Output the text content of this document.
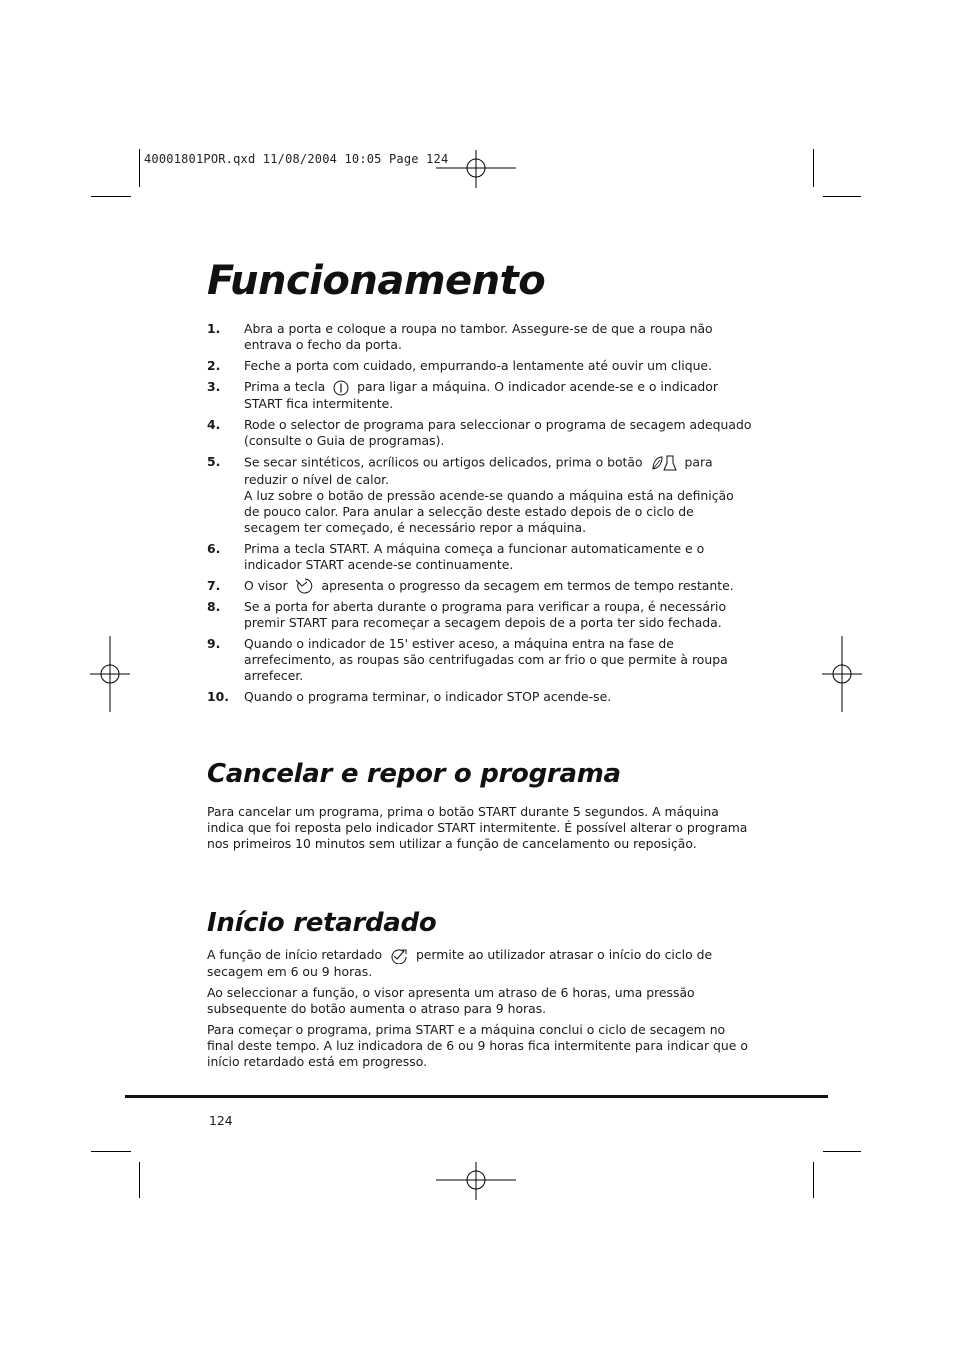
40001801POR.qxd 11/08/2004 10:05 Page 124
Funcionamento
1. Abra a porta e coloque a roupa no tambor. Assegure-se de que a roupa não entrava o fecho da porta.
2. Feche a porta com cuidado, empurrando-a lentamente até ouvir um clique.
3. Prima a tecla	para ligar a máquina. O indicador acende-se e o indicador START fica intermitente.
4. Rode o selector de programa para seleccionar o programa de secagem adequado (consulte o Guia de programas).
5. Se secar sintéticos, acrílicos ou artigos delicados, prima o botão	para reduzir o nível de calor.
A luz sobre o botão de pressão acende-se quando a máquina está na definição de pouco calor. Para anular a selecção deste estado depois de o ciclo de secagem ter começado, é necessário repor a máquina.
6. Prima a tecla START. A máquina começa a funcionar automaticamente e o indicador START acende-se continuamente.
7. O visor	apresenta o progresso da secagem em termos de tempo restante.
8. Se a porta for aberta durante o programa para verificar a roupa, é necessário premir START para recomeçar a secagem depois de a porta ter sido fechada.
9. Quando o indicador de 15' estiver aceso, a máquina entra na fase de arrefecimento, as roupas são centrifugadas com ar frio o que permite à roupa arrefecer.
10. Quando o programa terminar, o indicador STOP acende-se.
Cancelar e repor o programa

Para cancelar um programa, prima o botão START durante 5 segundos. A máquina indica que foi reposta pelo indicador START intermitente. É possível alterar o programa nos primeiros 10 minutos sem utilizar a função de cancelamento ou reposição.

Início retardado

A função de início retardado	permite ao utilizador atrasar o início do ciclo de secagem em 6 ou 9 horas.

Ao seleccionar a função, o visor apresenta um atraso de 6 horas, uma pressão subsequente do botão aumenta o atraso para 9 horas.

Para começar o programa, prima START e a máquina conclui o ciclo de secagem no final deste tempo. A luz indicadora de 6 ou 9 horas fica intermitente para indicar que o início retardado está em progresso.

124
